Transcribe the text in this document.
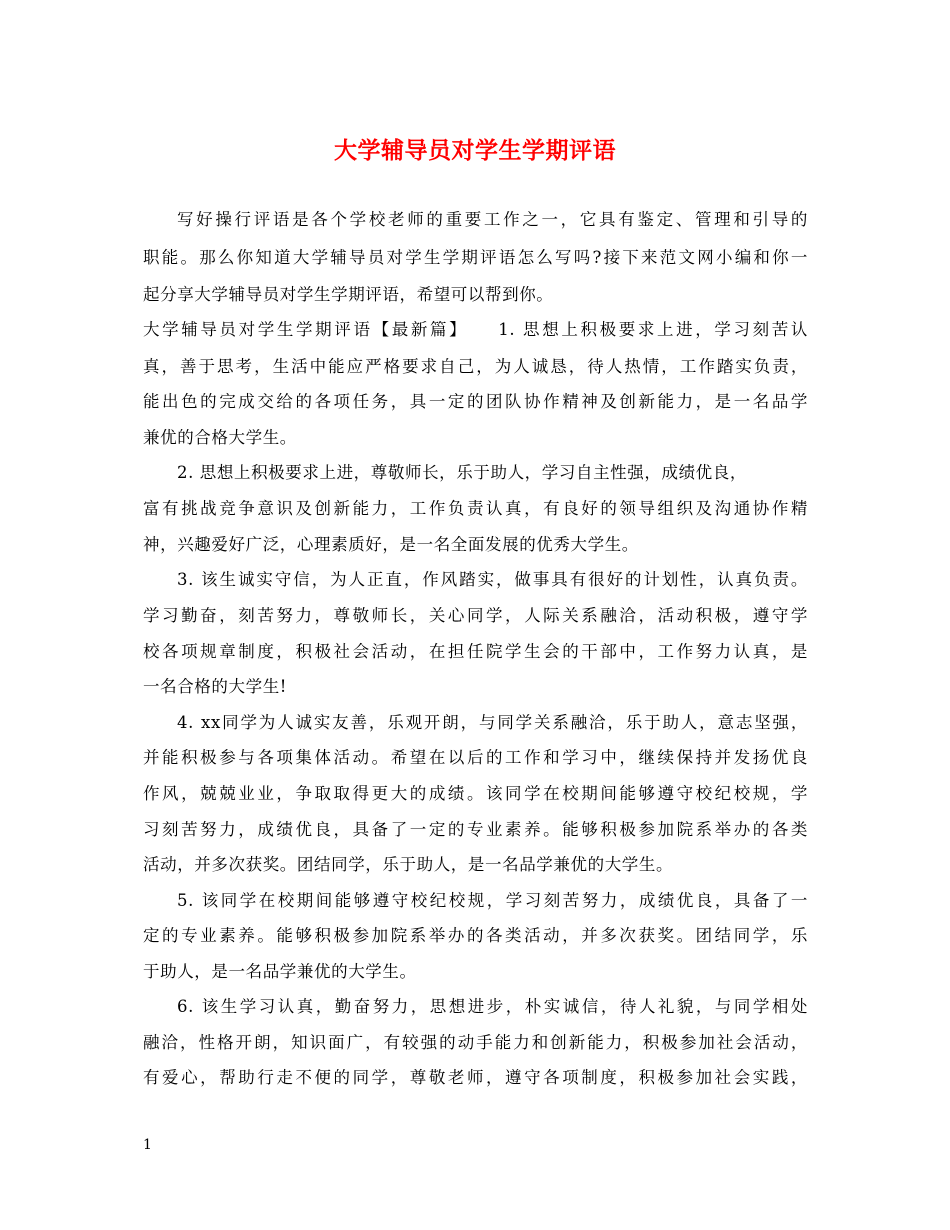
大学辅导员对学生学期评语
写好操行评语是各个学校老师的重要工作之一，它具有鉴定、管理和引导的
职能。那么你知道大学辅导员对学生学期评语怎么写吗?接下来范文网小编和你一
起分享大学辅导员对学生学期评语，希望可以帮到你。
大学辅导员对学生学期评语【最新篇】　　1. 思想上积极要求上进，学习刻苦认
真，善于思考，生活中能应严格要求自己，为人诚恳，待人热情，工作踏实负责，
能出色的完成交给的各项任务，具一定的团队协作精神及创新能力，是一名品学
兼优的合格大学生。
2. 思想上积极要求上进，尊敬师长，乐于助人，学习自主性强，成绩优良，
富有挑战竞争意识及创新能力，工作负责认真，有良好的领导组织及沟通协作精
神，兴趣爱好广泛，心理素质好，是一名全面发展的优秀大学生。
3. 该生诚实守信，为人正直，作风踏实，做事具有很好的计划性，认真负责。
学习勤奋，刻苦努力，尊敬师长，关心同学，人际关系融洽，活动积极，遵守学
校各项规章制度，积极社会活动，在担任院学生会的干部中，工作努力认真，是
一名合格的大学生!
4. xx同学为人诚实友善，乐观开朗，与同学关系融洽，乐于助人，意志坚强，
并能积极参与各项集体活动。希望在以后的工作和学习中，继续保持并发扬优良
作风，兢兢业业，争取取得更大的成绩。该同学在校期间能够遵守校纪校规，学
习刻苦努力，成绩优良，具备了一定的专业素养。能够积极参加院系举办的各类
活动，并多次获奖。团结同学，乐于助人，是一名品学兼优的大学生。
5. 该同学在校期间能够遵守校纪校规，学习刻苦努力，成绩优良，具备了一
定的专业素养。能够积极参加院系举办的各类活动，并多次获奖。团结同学，乐
于助人，是一名品学兼优的大学生。
6. 该生学习认真，勤奋努力，思想进步，朴实诚信，待人礼貌，与同学相处
融洽，性格开朗，知识面广，有较强的动手能力和创新能力，积极参加社会活动，
有爱心，帮助行走不便的同学，尊敬老师，遵守各项制度，积极参加社会实践，
1
